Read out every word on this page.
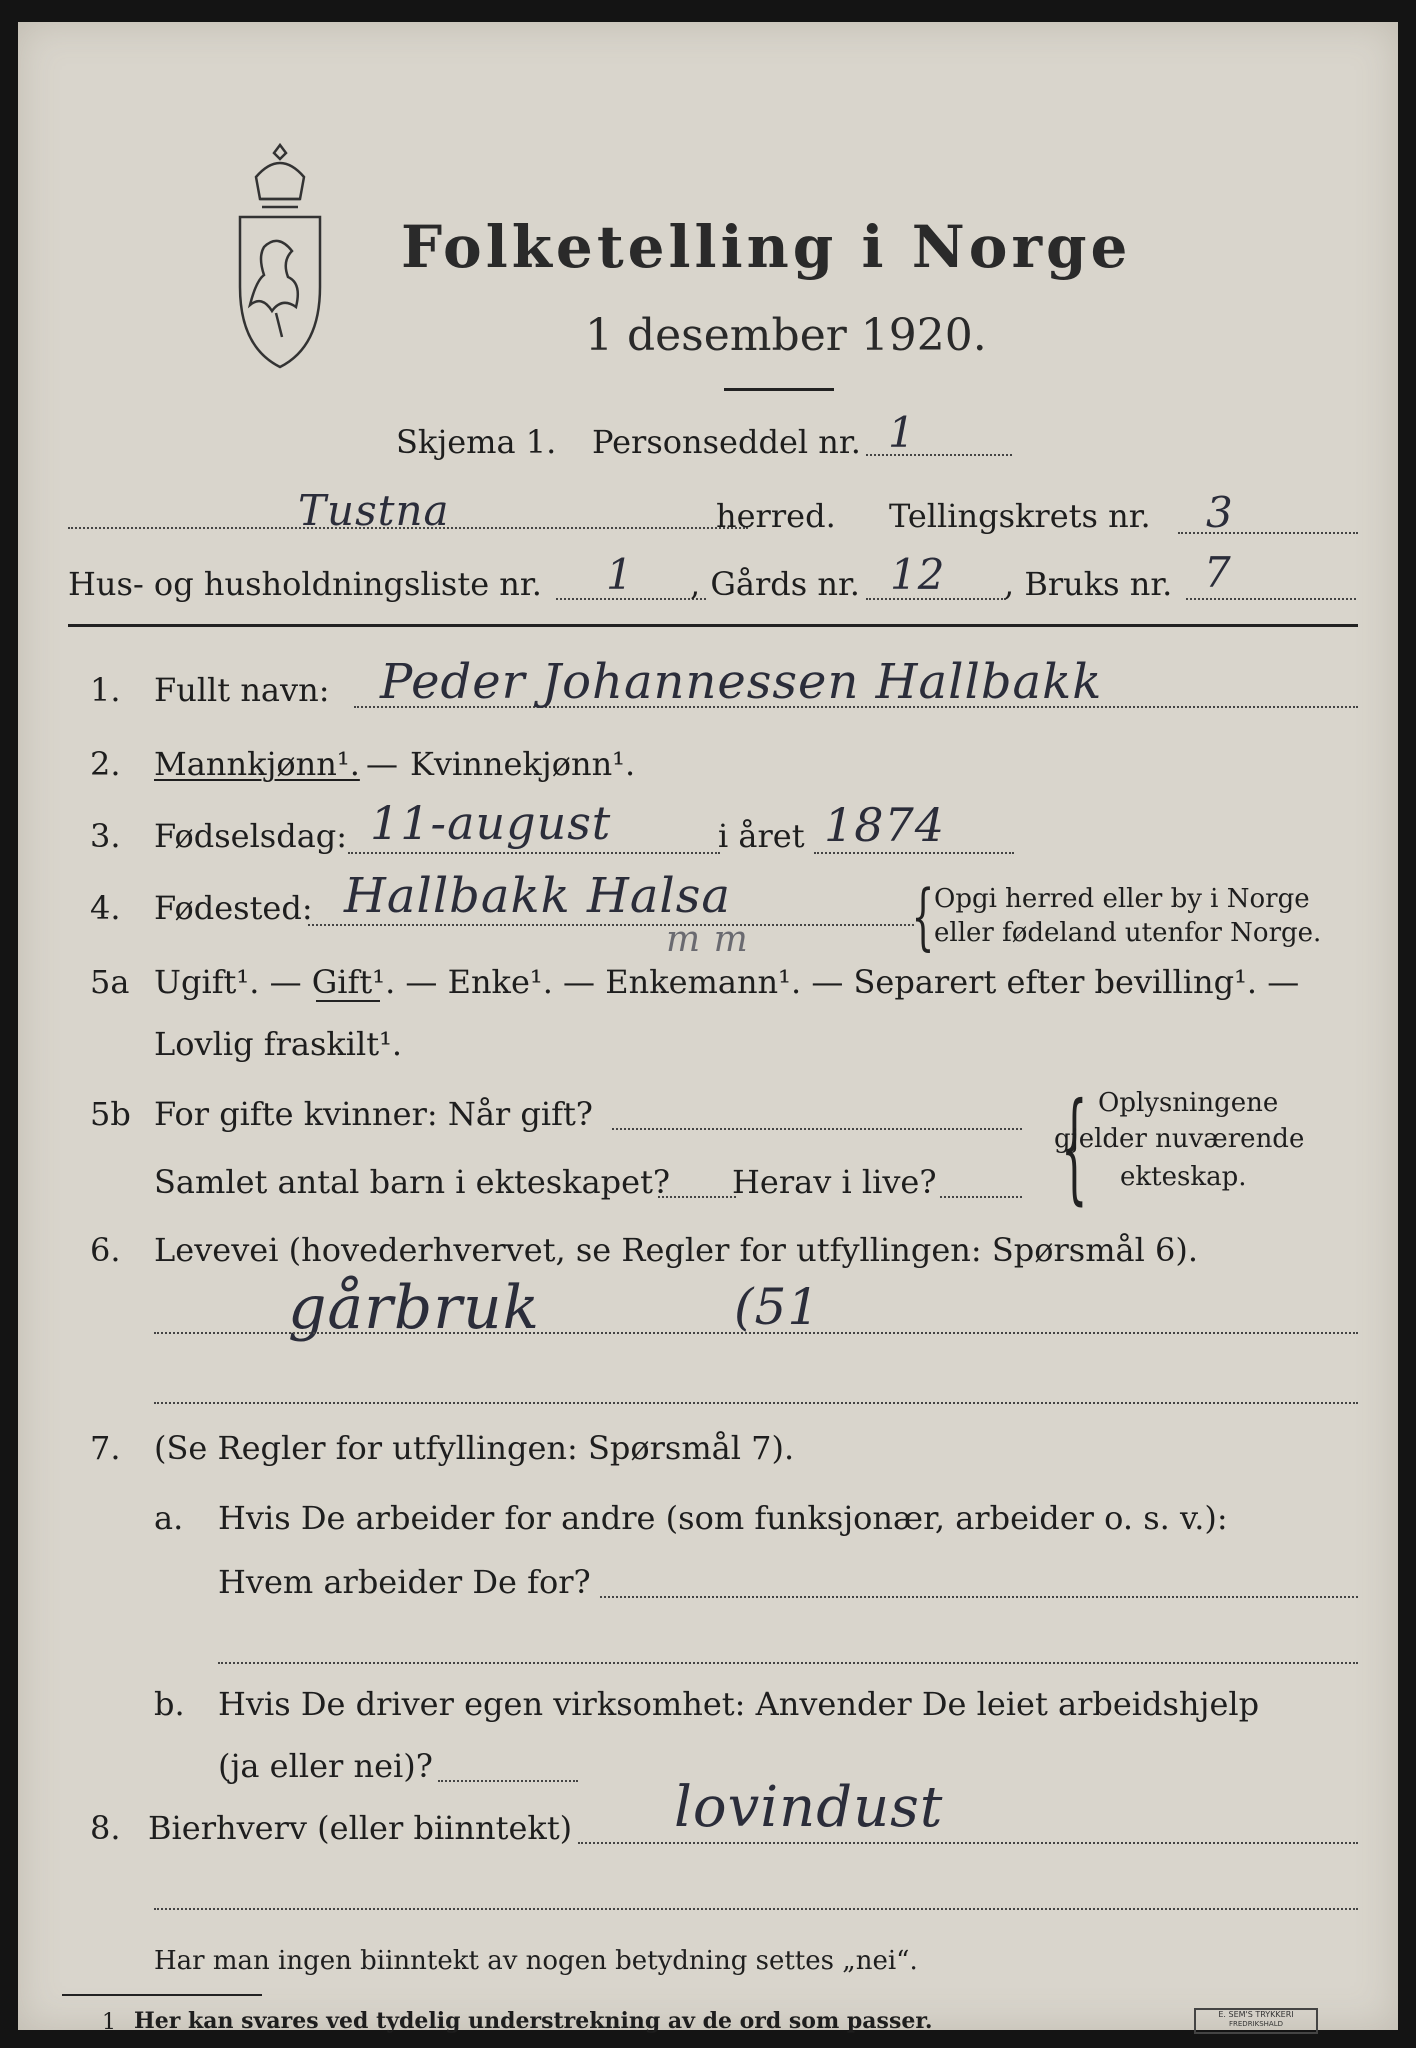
Folketelling i Norge
1 desember 1920.
Skjema 1. Personseddel nr. 1
Tustna	herred. Tellingskrets nr. 3
Hus- og husholdningsliste nr. 1 , Gårds nr. 12 , Bruks nr. 7
1. Fullt navn: Peder Johannessen Hallbakk
2. Mannkjønn¹. — Kvinnekjønn¹.
3. Fødselsdag: 11-august	i året 1874
4. Fødested: Hallbakk Halsa	{ Opgi herred eller by i Norge
eller fødeland utenfor Norge.
5a
m m
Ugift¹. — Gift¹. — Enke¹. — Enkemann¹. — Separert efter bevilling¹. —
Lovlig fraskilt¹.
5b For gifte kvinner: Når gift?
Samlet antal barn i ekteskapet? Herav i live? { Oplysningene
gjelder nuværende
ekteskap.
6. Levevei (hovederhvervet, se Regler for utfyllingen: Spørsmål 6).
gårbruk	(51
7. (Se Regler for utfyllingen: Spørsmål 7).
a. Hvis De arbeider for andre (som funksjonær, arbeider o. s. v.):
Hvem arbeider De for?
b. Hvis De driver egen virksomhet: Anvender De leiet arbeidshjelp
(ja eller nei)?
8. Bierhverv (eller biinntekt) lovindust
Har man ingen biinntekt av nogen betydning settes „nei“.
1 Her kan svares ved tydelig understrekning av de ord som passer.	E. SEM'S TRYKKERI
FREDRIKSHALD
